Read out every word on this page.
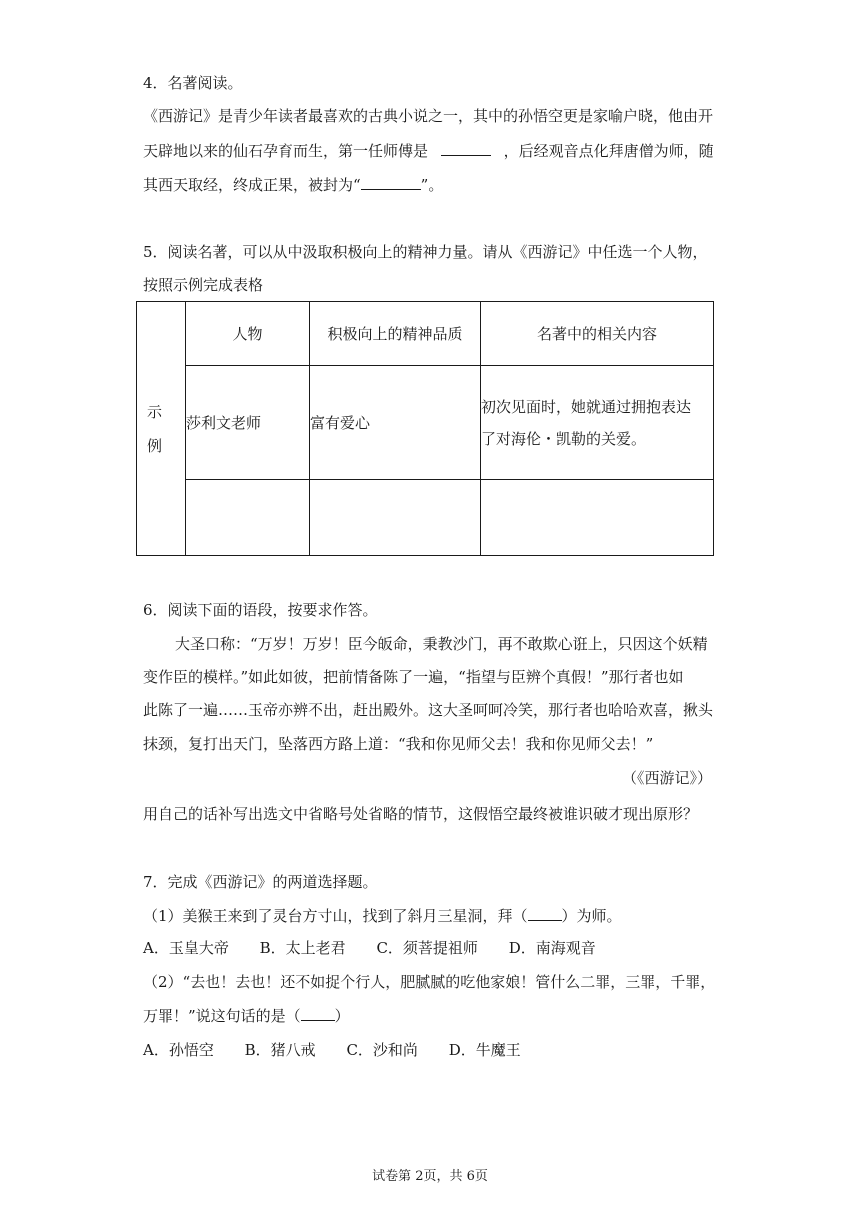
4．名著阅读。
《西游记》是青少年读者最喜欢的古典小说之一，其中的孙悟空更是家喻户晓，他由开
天辟地以来的仙石孕育而生，第一任师傅是	，后经观音点化拜唐僧为师，随
其西天取经，终成正果，被封为“	”。
5．阅读名著，可以从中汲取积极向上的精神力量。请从《西游记》中任选一个人物，
按照示例完成表格
示
例	人物	积极向上的精神品质	名著中的相关内容
	莎利文老师	富有爱心	初次见面时，她就通过拥抱表达
了对海伦・凯勒的关爱。

6．阅读下面的语段，按要求作答。
大圣口称：“万岁！万岁！臣今皈命，秉教沙门，再不敢欺心诳上，只因这个妖精
变作臣的模样。”如此如彼，把前情备陈了一遍，“指望与臣辨个真假！”那行者也如
此陈了一遍……玉帝亦辨不出，赶出殿外。这大圣呵呵冷笑，那行者也哈哈欢喜，揪头
抹颈，复打出天门，坠落西方路上道：“我和你见师父去！我和你见师父去！”
（《西游记》）
用自己的话补写出选文中省略号处省略的情节，这假悟空最终被谁识破才现出原形？
7．完成《西游记》的两道选择题。
（1）美猴王来到了灵台方寸山，找到了斜月三星洞，拜（ ）为师。
A．玉皇大帝 B．太上老君 C．须菩提祖师 D．南海观音
（2）“去也！去也！还不如捉个行人，肥腻腻的吃他家娘！管什么二罪，三罪，千罪，
万罪！”说这句话的是（ ）
A．孙悟空 B．猪八戒 C．沙和尚 D．牛魔王
试卷第 2页，共 6页
